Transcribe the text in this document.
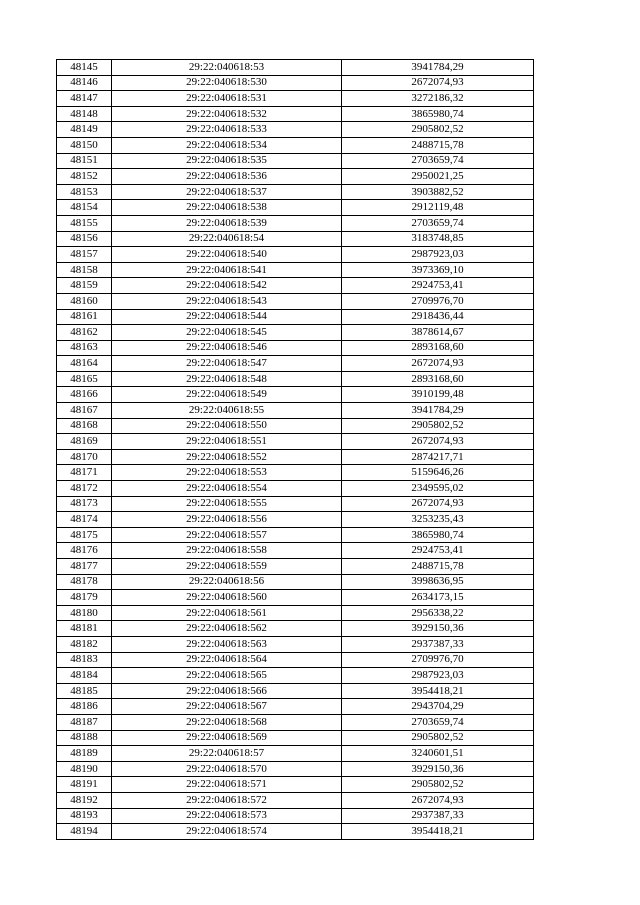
48145	29:22:040618:53	3941784,29
48146	29:22:040618:530	2672074,93
48147	29:22:040618:531	3272186,32
48148	29:22:040618:532	3865980,74
48149	29:22:040618:533	2905802,52
48150	29:22:040618:534	2488715,78
48151	29:22:040618:535	2703659,74
48152	29:22:040618:536	2950021,25
48153	29:22:040618:537	3903882,52
48154	29:22:040618:538	2912119,48
48155	29:22:040618:539	2703659,74
48156	29:22:040618:54	3183748,85
48157	29:22:040618:540	2987923,03
48158	29:22:040618:541	3973369,10
48159	29:22:040618:542	2924753,41
48160	29:22:040618:543	2709976,70
48161	29:22:040618:544	2918436,44
48162	29:22:040618:545	3878614,67
48163	29:22:040618:546	2893168,60
48164	29:22:040618:547	2672074,93
48165	29:22:040618:548	2893168,60
48166	29:22:040618:549	3910199,48
48167	29:22:040618:55	3941784,29
48168	29:22:040618:550	2905802,52
48169	29:22:040618:551	2672074,93
48170	29:22:040618:552	2874217,71
48171	29:22:040618:553	5159646,26
48172	29:22:040618:554	2349595,02
48173	29:22:040618:555	2672074,93
48174	29:22:040618:556	3253235,43
48175	29:22:040618:557	3865980,74
48176	29:22:040618:558	2924753,41
48177	29:22:040618:559	2488715,78
48178	29:22:040618:56	3998636,95
48179	29:22:040618:560	2634173,15
48180	29:22:040618:561	2956338,22
48181	29:22:040618:562	3929150,36
48182	29:22:040618:563	2937387,33
48183	29:22:040618:564	2709976,70
48184	29:22:040618:565	2987923,03
48185	29:22:040618:566	3954418,21
48186	29:22:040618:567	2943704,29
48187	29:22:040618:568	2703659,74
48188	29:22:040618:569	2905802,52
48189	29:22:040618:57	3240601,51
48190	29:22:040618:570	3929150,36
48191	29:22:040618:571	2905802,52
48192	29:22:040618:572	2672074,93
48193	29:22:040618:573	2937387,33
48194	29:22:040618:574	3954418,21
